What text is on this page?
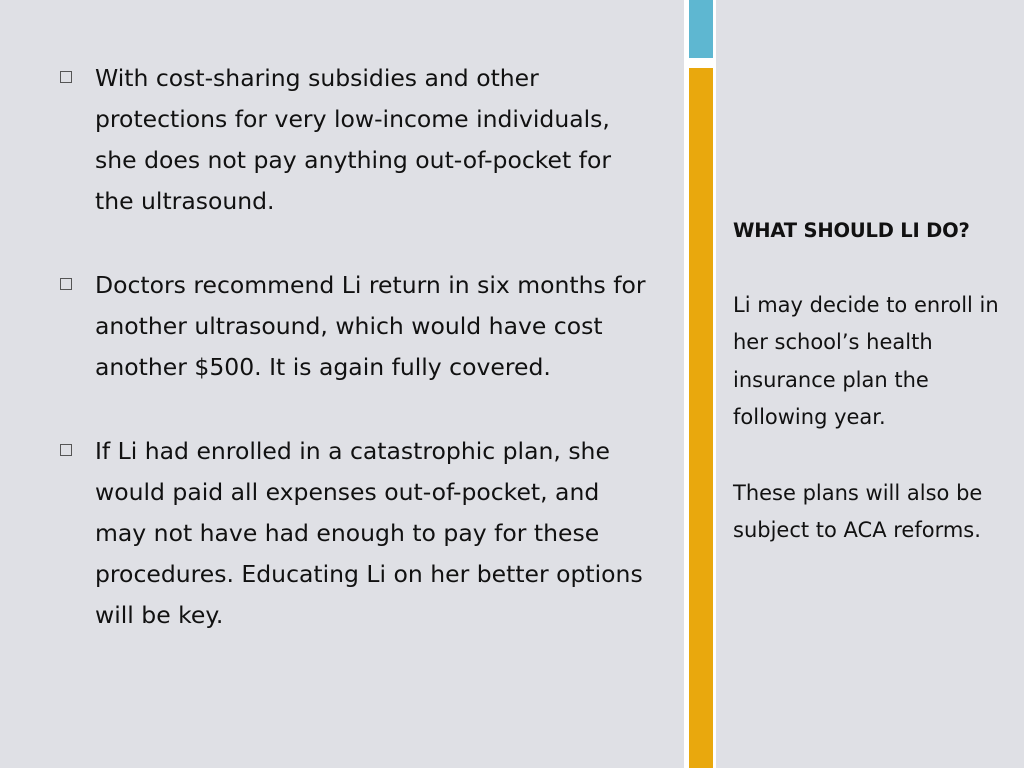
With cost-sharing subsidies and other protections for very low-income individuals, she does not pay anything out-of-pocket for the ultrasound.
Doctors recommend Li return in six months for another ultrasound, which would have cost another $500. It is again fully covered.
If Li had enrolled in a catastrophic plan, she would paid all expenses out-of-pocket, and may not have had enough to pay for these procedures. Educating Li on her better options will be key.
WHAT SHOULD LI DO?
Li may decide to enroll in her school’s health insurance plan the following year.
These plans will also be subject to ACA reforms.
